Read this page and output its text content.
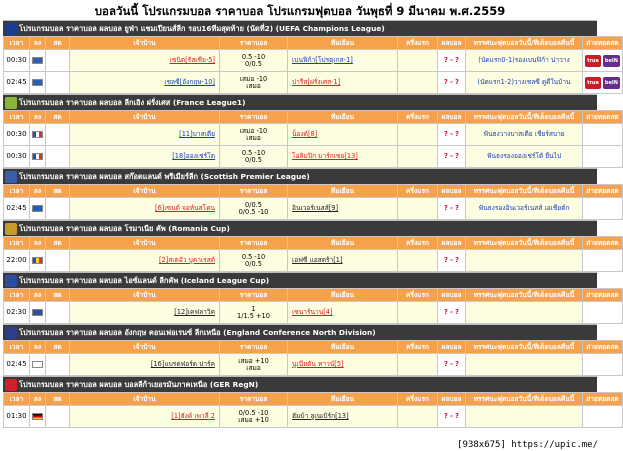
บอลวันนี้ โปรแกรมบอล ราคาบอล โปรแกรมฟุตบอล วันพุธที่ 9 มีนาคม พ.ศ.2559
โปรแกรมบอล ราคาบอล ผลบอล ยูฟ่า แชมเปียนส์ลีก รอบ16ทีมสุดท้าย (นัดที่2) (UEFA Champions League)
เวลา	ลง	สด	เจ้าบ้าน	ราคาบอล	ทีมเยือน	ครึ่งแรก	ผลบอล	ทรรศนะฟุตบอลวันนี้/ทีเด็ดบอลคืนนี้	ถ่ายทอดสด
00:30			เซนิต[รัสเซีย-5]	0.5 -10
0/0.5	เบนฟิก้า[โปรตุเกส-1]		? - ?	(นัดแรก0-1)รองเบนฟิก้า น่าวาง	true beIN
02:45			เชลซี[อังกฤษ-10]	เสมอ -10
เสมอ	ปารีส[ฝรั่งเศส-1]		? - ?	(นัดแรก1-2)วางเชลซี ดูดีในบ้าน	true beIN
โปรแกรมบอล ราคาบอล ผลบอล ลีกเอิง ฝรั่งเศส (France League1)
เวลา	ลง	สด	เจ้าบ้าน	ราคาบอล	ทีมเยือน	ครึ่งแรก	ผลบอล	ทรรศนะฟุตบอลวันนี้/ทีเด็ดบอลคืนนี้	ถ่ายทอดสด
00:30			[11]บาสเตีย	เสมอ -10
เสมอ	น็องต์[8]		? - ?	ฟันธงวางบาสเตีย เชียร์สบาย	
00:30			[18]อองเช่ร์โต	0.5 -10
0/0.5	โอลิมปิก มาร์กเซย[13]		? - ?	ฟันธงรองอองเช่ร์โต้ ยืนไป	
โปรแกรมบอล ราคาบอล ผลบอล สก๊อตแลนด์ พรีเมียร์ลีก (Scottish Premier League)
เวลา	ลง	สด	เจ้าบ้าน	ราคาบอล	ทีมเยือน	ครึ่งแรก	ผลบอล	ทรรศนะฟุตบอลวันนี้/ทีเด็ดบอลคืนนี้	ถ่ายทอดสด
02:45			[6]เซนต์ จอห์นสโตน	0/0.5
0/0.5 -10	อินเวอร์เนสส์[9]		? - ?	ฟันธงรองอินเวอร์เนสส์ เอเชียต์ก	
โปรแกรมบอล ราคาบอล ผลบอล โรมาเนีย คัพ (Romania Cup)
เวลา	ลง	สด	เจ้าบ้าน	ราคาบอล	ทีมเยือน	ครึ่งแรก	ผลบอล	ทรรศนะฟุตบอลวันนี้/ทีเด็ดบอลคืนนี้	ถ่ายทอดสด
22:00			[2]สเตอัว บูคาเรสต์	0.5 -10
0/0.5	เอฟซี แอสตร้า[1]		? - ?		
โปรแกรมบอล ราคาบอล ผลบอล ไอซ์แลนด์ ลีกคัพ (Iceland League Cup)
เวลา	ลง	สด	เจ้าบ้าน	ราคาบอล	ทีมเยือน	ครึ่งแรก	ผลบอล	ทรรศนะฟุตบอลวันนี้/ทีเด็ดบอลคืนนี้	ถ่ายทอดสด
02:30			[12]เคฟลาวิค	1
1/1.5 +10	เซนาร์นาน[4]		? - ?		
โปรแกรมบอล ราคาบอล ผลบอล อังกฤษ คอนเฟอเรนซ์ ลีกเหนือ (England Conference North Division)
เวลา	ลง	สด	เจ้าบ้าน	ราคาบอล	ทีมเยือน	ครึ่งแรก	ผลบอล	ทรรศนะฟุตบอลวันนี้/ทีเด็ดบอลคืนนี้	ถ่ายทอดสด
02:45			[16]แบรดฟอร์ด ปาร์ค	เสมอ +10
เสมอ	นูเนียตัน ทาวน์[5]		? - ?		
โปรแกรมบอล ราคาบอล ผลบอล บอลลีก้าเยอรมันภาคเหนือ (GER RegN)
เวลา	ลง	สด	เจ้าบ้าน	ราคาบอล	ทีมเยือน	ครึ่งแรก	ผลบอล	ทรรศนะฟุตบอลวันนี้/ทีเด็ดบอลคืนนี้	ถ่ายทอดสด
01:30			[1]ฮังค์ เพาลี 2	0/0.5 -10
เสมอ +10	ฮัมบ้า ลูเนเบิร์ก[13]		? - ?		
[938x675] https://upic.me/
